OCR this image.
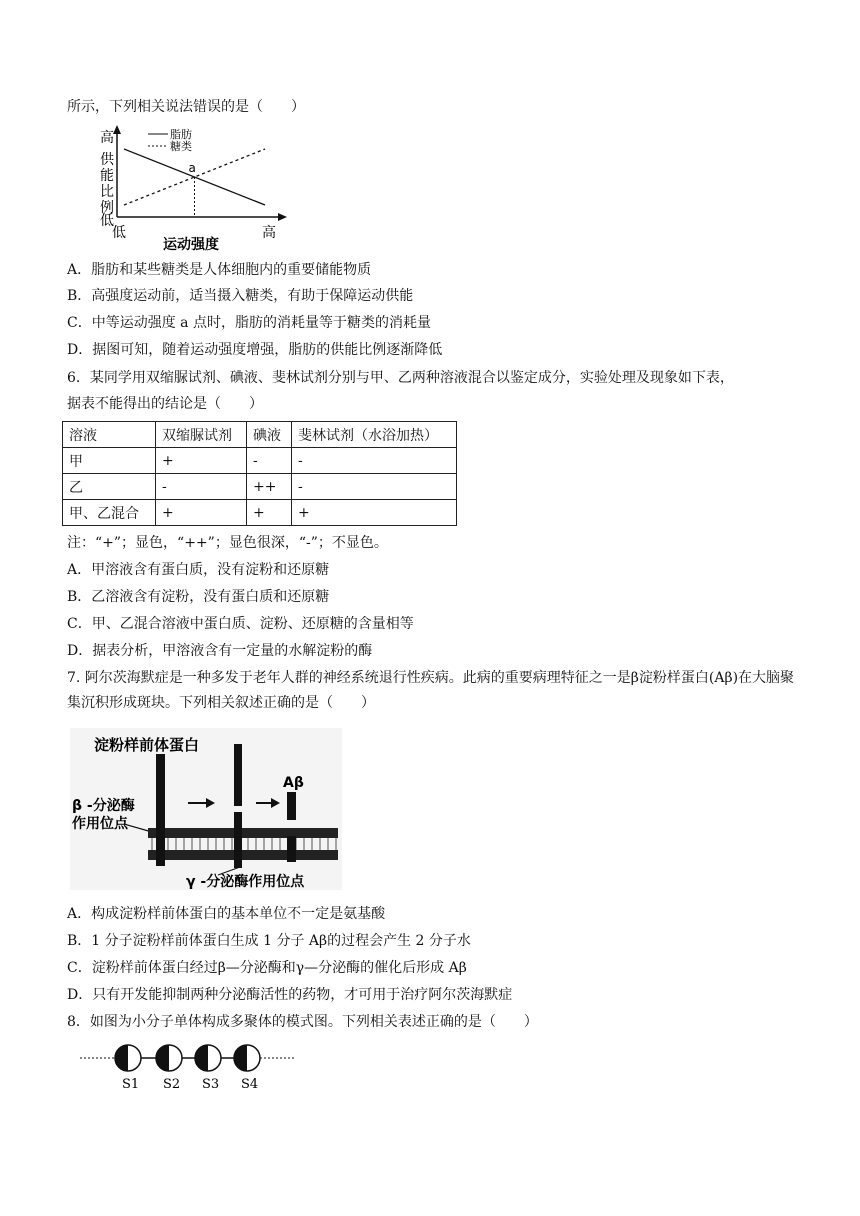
所示，下列相关说法错误的是（　　）
脂肪
糖类
a
高
供
能
比
例
低
低	高
运动强度
A．脂肪和某些糖类是人体细胞内的重要储能物质
B．高强度运动前，适当摄入糖类，有助于保障运动供能
C．中等运动强度 a 点时，脂肪的消耗量等于糖类的消耗量
D．据图可知，随着运动强度增强，脂肪的供能比例逐渐降低
6．某同学用双缩脲试剂、碘液、斐林试剂分别与甲、乙两种溶液混合以鉴定成分，实验处理及现象如下表，
据表不能得出的结论是（　　）
溶液	双缩脲试剂	碘液	斐林试剂（水浴加热）
甲	+	-	-
乙	-	++	-
甲、乙混合	+	+	+
注：“+”；显色，“++”；显色很深，“-”；不显色。
A．甲溶液含有蛋白质，没有淀粉和还原糖
B．乙溶液含有淀粉，没有蛋白质和还原糖
C．甲、乙混合溶液中蛋白质、淀粉、还原糖的含量相等
D．据表分析，甲溶液含有一定量的水解淀粉的酶
7. 阿尔茨海默症是一种多发于老年人群的神经系统退行性疾病。此病的重要病理特征之一是β淀粉样蛋白(Aβ)在大脑聚集沉积形成斑块。下列相关叙述正确的是（　　）
淀粉样前体蛋白
Aβ
β -分泌酶
作用位点
γ -分泌酶作用位点
A．构成淀粉样前体蛋白的基本单位不一定是氨基酸
B．1 分子淀粉样前体蛋白生成 1 分子 Aβ的过程会产生 2 分子水
C．淀粉样前体蛋白经过β—分泌酶和γ—分泌酶的催化后形成 Aβ
D．只有开发能抑制两种分泌酶活性的药物，才可用于治疗阿尔茨海默症
8．如图为小分子单体构成多聚体的模式图。下列相关表述正确的是（　　）
S1 S2 S3 S4
